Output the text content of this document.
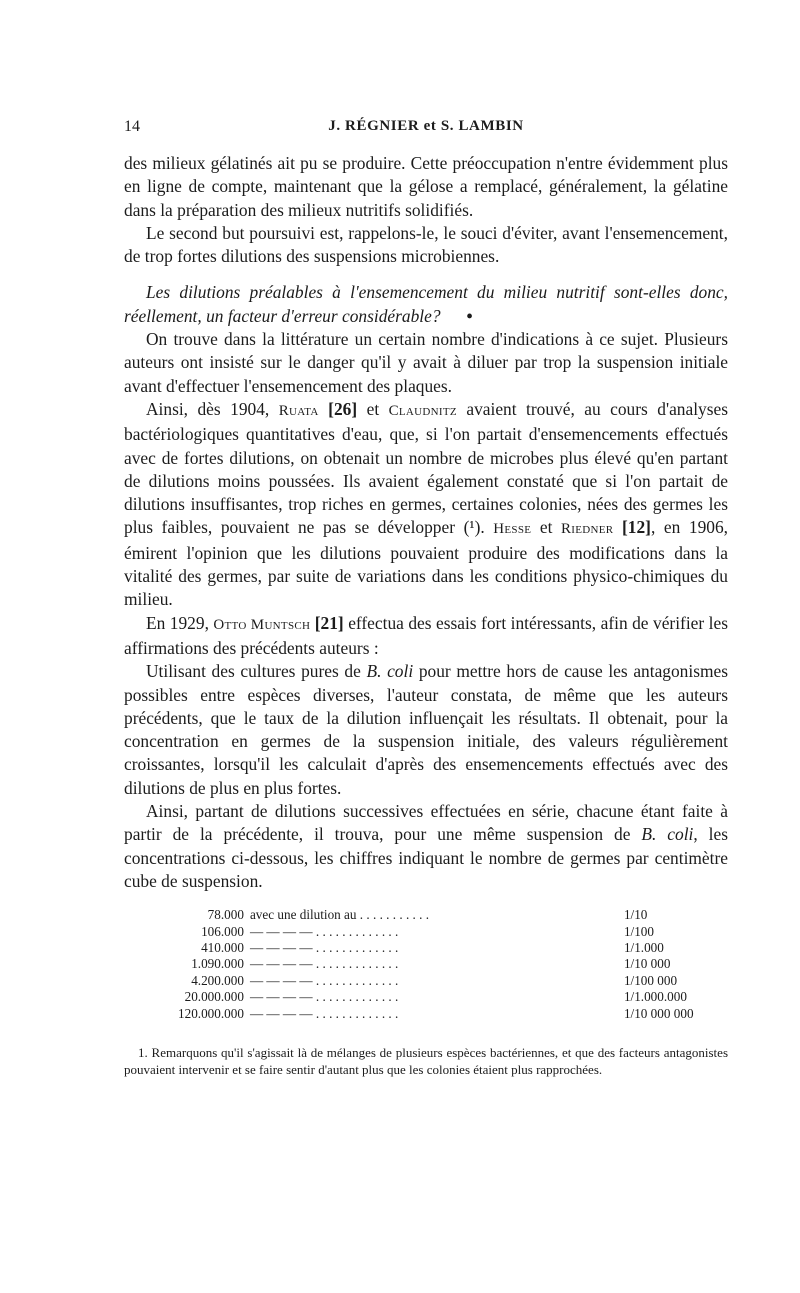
14	J. RÉGNIER et S. LAMBIN

des milieux gélatinés ait pu se produire. Cette préoccupation n'entre évidemment plus en ligne de compte, maintenant que la gélose a remplacé, généralement, la gélatine dans la préparation des milieux nutritifs solidifiés.

Le second but poursuivi est, rappelons-le, le souci d'éviter, avant l'ensemencement, de trop fortes dilutions des suspensions microbiennes.

Les dilutions préalables à l'ensemencement du milieu nutritif sont-elles donc, réellement, un facteur d'erreur considérable? •

On trouve dans la littérature un certain nombre d'indications à ce sujet. Plusieurs auteurs ont insisté sur le danger qu'il y avait à diluer par trop la suspension initiale avant d'effectuer l'ensemencement des plaques.

Ainsi, dès 1904, Ruata [26] et Claudnitz avaient trouvé, au cours d'analyses bactériologiques quantitatives d'eau, que, si l'on partait d'ensemencements effectués avec de fortes dilutions, on obtenait un nombre de microbes plus élevé qu'en partant de dilutions moins poussées. Ils avaient également constaté que si l'on partait de dilutions insuffisantes, trop riches en germes, certaines colonies, nées des germes les plus faibles, pouvaient ne pas se développer (¹). Hesse et Riedner [12], en 1906, émirent l'opinion que les dilutions pouvaient produire des modifications dans la vitalité des germes, par suite de variations dans les conditions physico-chimiques du milieu.

En 1929, Otto Muntsch [21] effectua des essais fort intéressants, afin de vérifier les affirmations des précédents auteurs :

Utilisant des cultures pures de B. coli pour mettre hors de cause les antagonismes possibles entre espèces diverses, l'auteur constata, de même que les auteurs précédents, que le taux de la dilution influençait les résultats. Il obtenait, pour la concentration en germes de la suspension initiale, des valeurs régulièrement croissantes, lorsqu'il les calculait d'après des ensemencements effectués avec des dilutions de plus en plus fortes.

Ainsi, partant de dilutions successives effectuées en série, chacune étant faite à partir de la précédente, il trouva, pour une même suspension de B. coli, les concentrations ci-dessous, les chiffres indiquant le nombre de germes par centimètre cube de suspension.

78.000	avec une dilution au . . . . . . . . . . .	1/10
106.000	— — — — . . . . . . . . . . . . .	1/100
410.000	— — — — . . . . . . . . . . . . .	1/1.000
1.090.000	— — — — . . . . . . . . . . . . .	1/10 000
4.200.000	— — — — . . . . . . . . . . . . .	1/100 000
20.000.000	— — — — . . . . . . . . . . . . .	1/1.000.000
120.000.000	— — — — . . . . . . . . . . . . .	1/10 000 000

1. Remarquons qu'il s'agissait là de mélanges de plusieurs espèces bactériennes, et que des facteurs antagonistes pouvaient intervenir et se faire sentir d'autant plus que les colonies étaient plus rapprochées.
